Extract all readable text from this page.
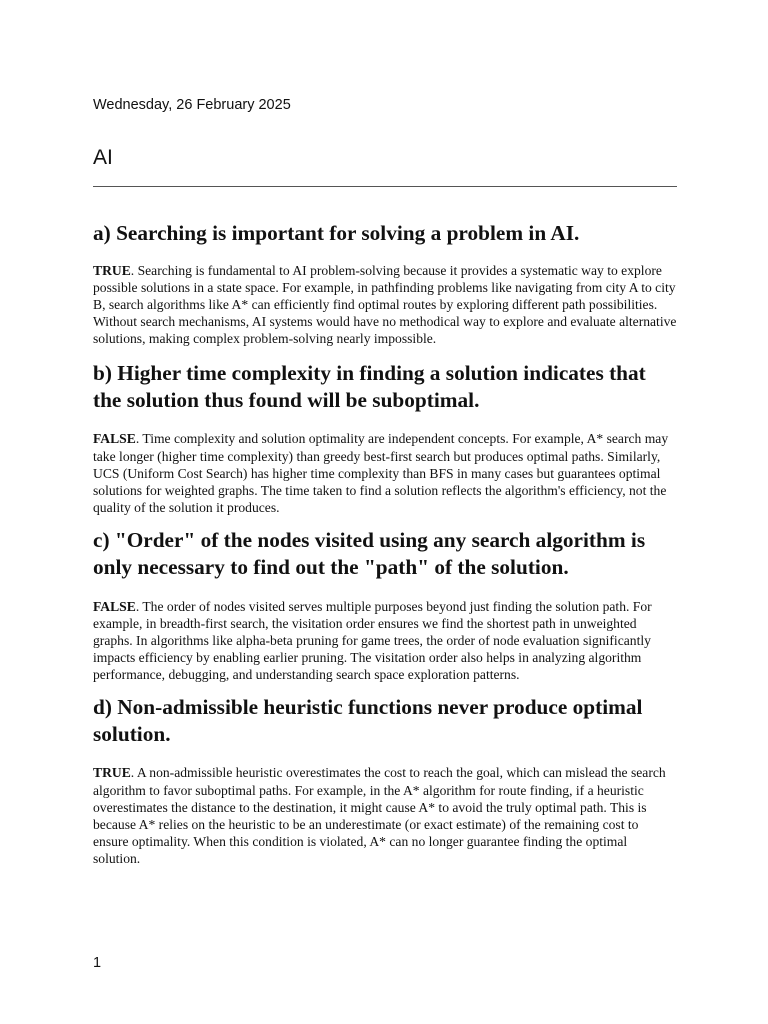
Wednesday, 26 February 2025
AI
a) Searching is important for solving a problem in AI.

TRUE. Searching is fundamental to AI problem-solving because it provides a systematic way to explore possible solutions in a state space. For example, in pathfinding problems like navigating from city A to city B, search algorithms like A* can efficiently find optimal routes by exploring different path possibilities. Without search mechanisms, AI systems would have no methodical way to explore and evaluate alternative solutions, making complex problem-solving nearly impossible.

b) Higher time complexity in finding a solution indicates that the solution thus found will be suboptimal.

FALSE. Time complexity and solution optimality are independent concepts. For example, A* search may take longer (higher time complexity) than greedy best-first search but produces optimal paths. Similarly, UCS (Uniform Cost Search) has higher time complexity than BFS in many cases but guarantees optimal solutions for weighted graphs. The time taken to find a solution reflects the algorithm's efficiency, not the quality of the solution it produces.

c) "Order" of the nodes visited using any search algorithm is only necessary to find out the "path" of the solution.

FALSE. The order of nodes visited serves multiple purposes beyond just finding the solution path. For example, in breadth-first search, the visitation order ensures we find the shortest path in unweighted graphs. In algorithms like alpha-beta pruning for game trees, the order of node evaluation significantly impacts efficiency by enabling earlier pruning. The visitation order also helps in analyzing algorithm performance, debugging, and understanding search space exploration patterns.

d) Non-admissible heuristic functions never produce optimal solution.

TRUE. A non-admissible heuristic overestimates the cost to reach the goal, which can mislead the search algorithm to favor suboptimal paths. For example, in the A* algorithm for route finding, if a heuristic overestimates the distance to the destination, it might cause A* to avoid the truly optimal path. This is because A* relies on the heuristic to be an underestimate (or exact estimate) of the remaining cost to ensure optimality. When this condition is violated, A* can no longer guarantee finding the optimal solution.

1
